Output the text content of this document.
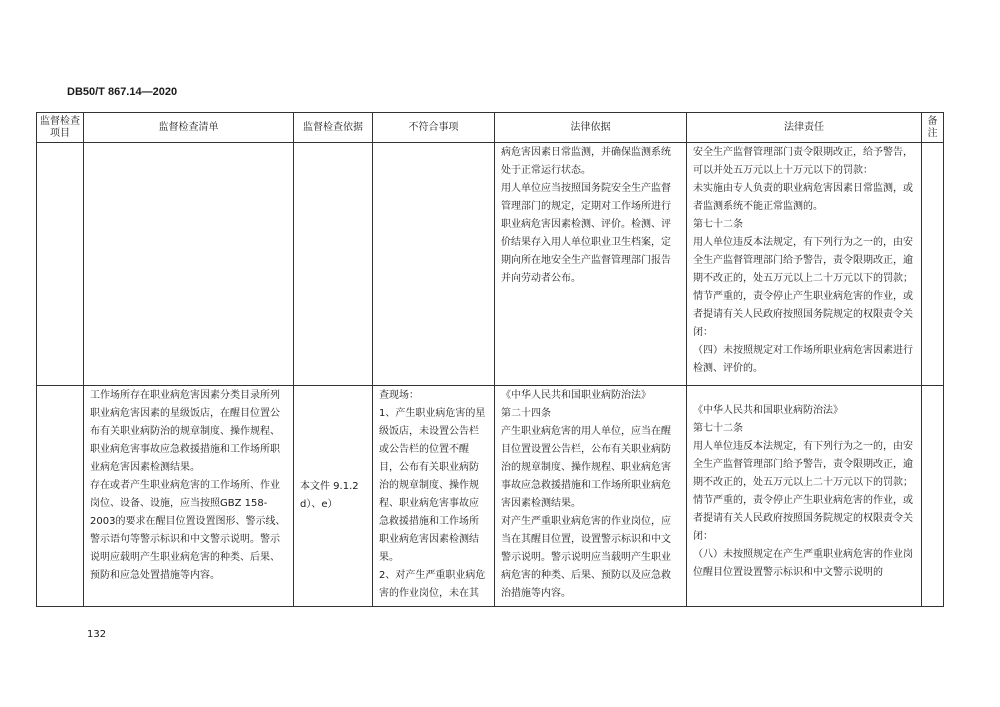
DB50/T 867.14—2020
监督检查项目	监督检查清单	监督检查依据	不符合事项	法律依据	法律责任	备注

				病危害因素日常监测，并确保监测系统处于正常运行状态。
用人单位应当按照国务院安全生产监督管理部门的规定，定期对工作场所进行职业病危害因素检测、评价。检测、评价结果存入用人单位职业卫生档案，定期向所在地安全生产监督管理部门报告并向劳动者公布。	安全生产监督管理部门责令限期改正，给予警告，可以并处五万元以上十万元以下的罚款：
未实施由专人负责的职业病危害因素日常监测，或者监测系统不能正常监测的。
第七十二条
用人单位违反本法规定，有下列行为之一的，由安全生产监督管理部门给予警告，责令限期改正，逾期不改正的，处五万元以上二十万元以下的罚款；情节严重的，责令停止产生职业病危害的作业，或者提请有关人民政府按照国务院规定的权限责令关闭：
（四）未按照规定对工作场所职业病危害因素进行检测、评价的。	

	工作场所存在职业病危害因素分类目录所列职业病危害因素的星级饭店，在醒目位置公布有关职业病防治的规章制度、操作规程、职业病危害事故应急救援措施和工作场所职业病危害因素检测结果。
存在或者产生职业病危害的工作场所、作业岗位、设备、设施，应当按照GBZ 158-2003的要求在醒目位置设置图形、警示线、警示语句等警示标识和中文警示说明。警示说明应载明产生职业病危害的种类、后果、预防和应急处置措施等内容。	本文件 9.1.2 d）、e）	查现场：
1、产生职业病危害的星级饭店，未设置公告栏或公告栏的位置不醒目，公布有关职业病防治的规章制度、操作规程、职业病危害事故应急救援措施和工作场所职业病危害因素检测结果。
2、对产生严重职业病危害的作业岗位，未在其	《中华人民共和国职业病防治法》
第二十四条
产生职业病危害的用人单位，应当在醒目位置设置公告栏，公布有关职业病防治的规章制度、操作规程、职业病危害事故应急救援措施和工作场所职业病危害因素检测结果。
对产生严重职业病危害的作业岗位，应当在其醒目位置，设置警示标识和中文警示说明。警示说明应当载明产生职业病危害的种类、后果、预防以及应急救治措施等内容。	《中华人民共和国职业病防治法》
第七十二条
用人单位违反本法规定，有下列行为之一的，由安全生产监督管理部门给予警告，责令限期改正，逾期不改正的，处五万元以上二十万元以下的罚款；情节严重的，责令停止产生职业病危害的作业，或者提请有关人民政府按照国务院规定的权限责令关闭：
（八）未按照规定在产生严重职业病危害的作业岗位醒目位置设置警示标识和中文警示说明的	

132
